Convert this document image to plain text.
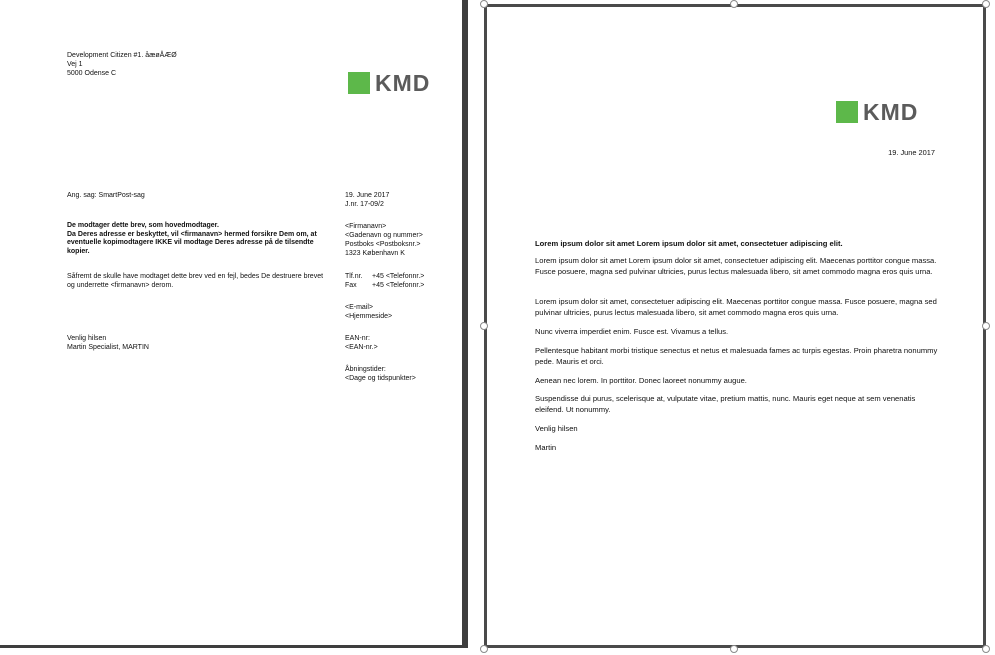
Development Citizen #1. åæøÅÆØ
Vej 1
5000 Odense C	KMD
Ang. sag: SmartPost-sag	19. June 2017
J.nr. 17-09/2
De modtager dette brev, som hovedmodtager.
Da Deres adresse er beskyttet, vil <firmanavn> hermed forsikre Dem om, at eventuelle kopimodtagere IKKE vil modtage Deres adresse på de tilsendte kopier.
Såfremt de skulle have modtaget dette brev ved en fejl, bedes De destruere brevet og underrette <firmanavn> derom.
Venlig hilsen
Martin Specialist, MARTIN
<Firmanavn>
<Gadenavn og nummer>
Postboks <Postboksnr.>
1323 København K
Tlf.nr. +45 <Telefonnr.>
Fax +45 <Telefonnr.>
<E-mail>
<Hjemmeside>
EAN-nr:
<EAN-nr.>
Åbningstider:
<Dage og tidspunkter>
KMD
19. June 2017
Lorem ipsum dolor sit amet Lorem ipsum dolor sit amet, consectetuer adipiscing elit.
Lorem ipsum dolor sit amet Lorem ipsum dolor sit amet, consectetuer adipiscing elit. Maecenas porttitor congue massa. Fusce posuere, magna sed pulvinar ultricies, purus lectus malesuada libero, sit amet commodo magna eros quis urna.
Lorem ipsum dolor sit amet, consectetuer adipiscing elit. Maecenas porttitor congue massa. Fusce posuere, magna sed pulvinar ultricies, purus lectus malesuada libero, sit amet commodo magna eros quis urna.
Nunc viverra imperdiet enim. Fusce est. Vivamus a tellus.
Pellentesque habitant morbi tristique senectus et netus et malesuada fames ac turpis egestas. Proin pharetra nonummy pede. Mauris et orci.
Aenean nec lorem. In porttitor. Donec laoreet nonummy augue.
Suspendisse dui purus, scelerisque at, vulputate vitae, pretium mattis, nunc. Mauris eget neque at sem venenatis eleifend. Ut nonummy.
Venlig hilsen
Martin
